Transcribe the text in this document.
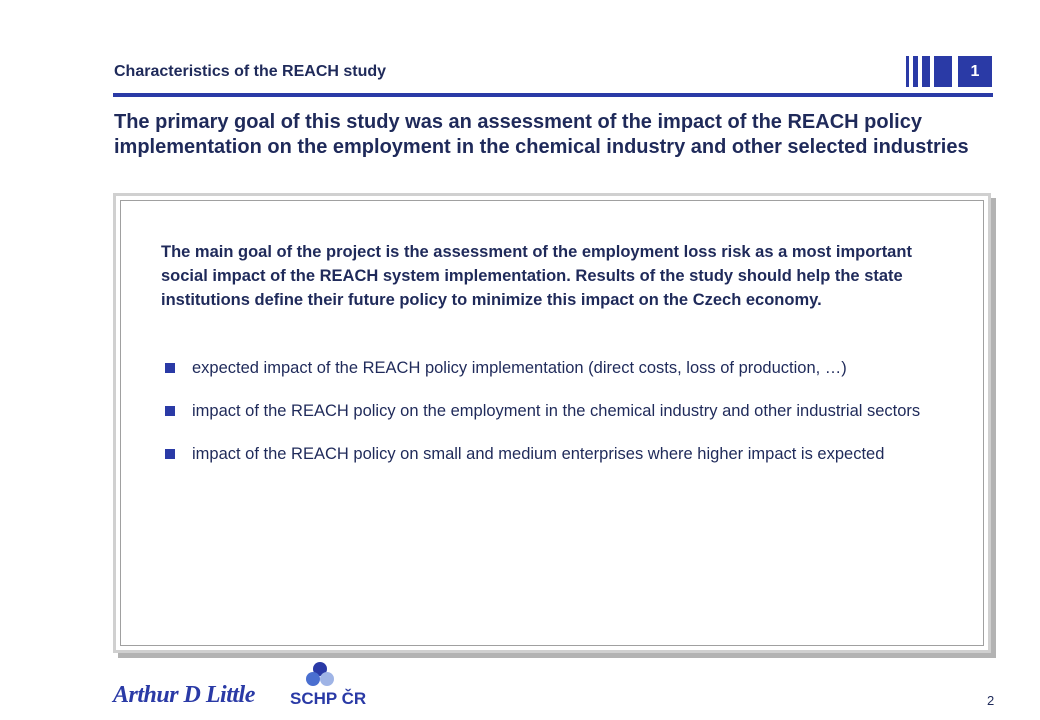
Characteristics of the REACH study	1
The primary goal of this study was an assessment of the impact of the REACH policy implementation on the employment in the chemical industry and other selected industries
The main goal of the project is the assessment of the employment loss risk as a most important social impact of the REACH system implementation. Results of the study should help the state institutions define their future policy to minimize this impact on the Czech economy.
expected impact of the REACH policy implementation (direct costs, loss of production, …)
impact of the REACH policy on the employment in the chemical industry and other industrial sectors
impact of the REACH policy on small and medium enterprises where higher impact is expected
Arthur D Little SCHP ČR	2
